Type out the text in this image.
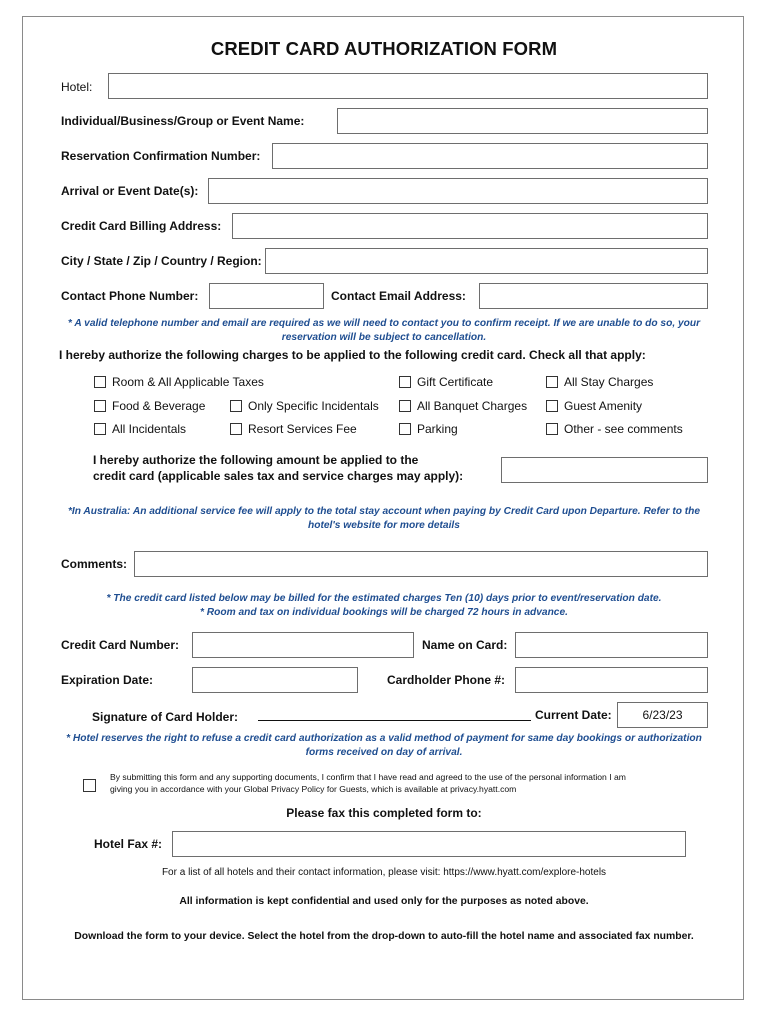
CREDIT CARD AUTHORIZATION FORM
Hotel:
Individual/Business/Group or Event Name:
Reservation Confirmation Number:
Arrival or Event Date(s):
Credit Card Billing Address:
City / State / Zip / Country / Region:
Contact Phone Number:	Contact Email Address:
* A valid telephone number and email are required as we will need to contact you to confirm receipt. If we are unable to do so, your
reservation will be subject to cancellation.
I hereby authorize the following charges to be applied to the following credit card. Check all that apply:
Room & All Applicable Taxes	Gift Certificate	All Stay Charges
Food & Beverage	Only Specific Incidentals	All Banquet Charges	Guest Amenity
All Incidentals	Resort Services Fee	Parking	Other - see comments
I hereby authorize the following amount be applied to the
credit card (applicable sales tax and service charges may apply):
*In Australia: An additional service fee will apply to the total stay account when paying by Credit Card upon Departure. Refer to the
hotel's website for more details
Comments:
* The credit card listed below may be billed for the estimated charges Ten (10) days prior to event/reservation date.
* Room and tax on individual bookings will be charged 72 hours in advance.
Credit Card Number:	Name on Card:
Expiration Date:	Cardholder Phone #:
Signature of Card Holder:	Current Date:	6/23/23
* Hotel reserves the right to refuse a credit card authorization as a valid method of payment for same day bookings or authorization
forms received on day of arrival.
By submitting this form and any supporting documents, I confirm that I have read and agreed to the use of the personal information I am
giving you in accordance with your Global Privacy Policy for Guests, which is available at privacy.hyatt.com
Please fax this completed form to:
Hotel Fax #:
For a list of all hotels and their contact information, please visit: https://www.hyatt.com/explore-hotels
All information is kept confidential and used only for the purposes as noted above.
Download the form to your device. Select the hotel from the drop-down to auto-fill the hotel name and associated fax number.
